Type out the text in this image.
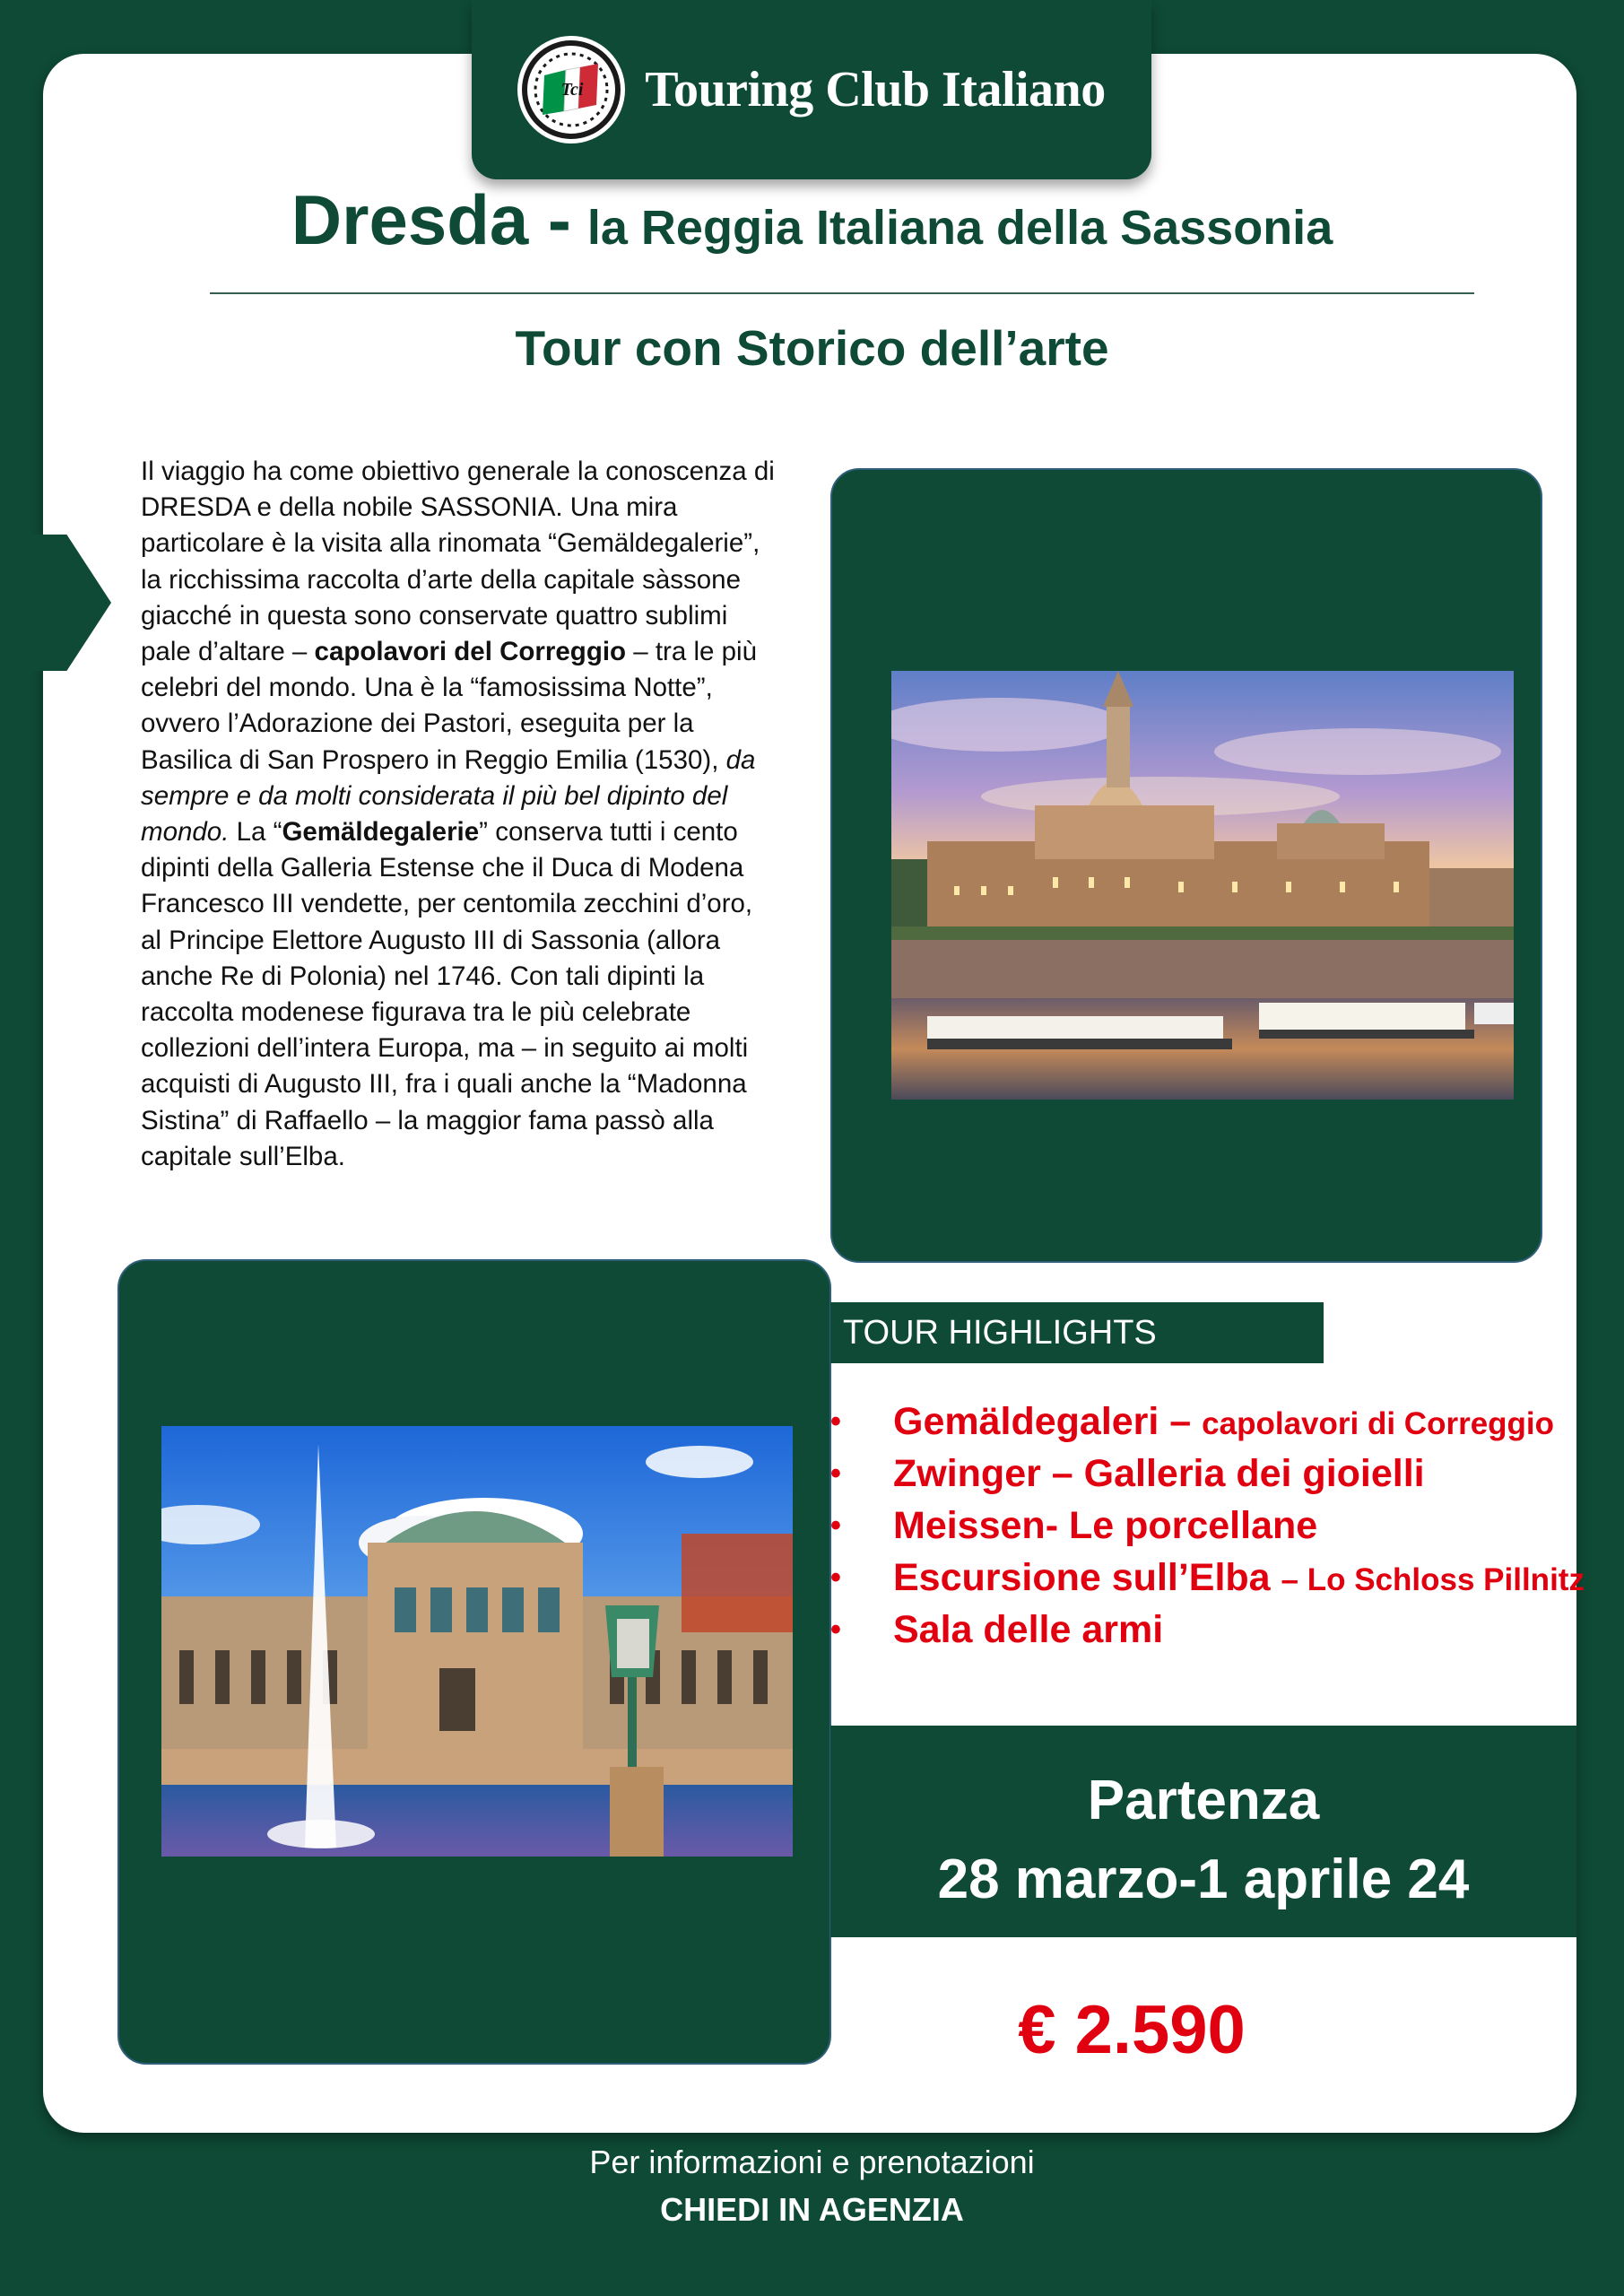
Tci Touring Club Italiano
Dresda - la Reggia Italiana della Sassonia
Tour con Storico dell’arte
Il viaggio ha come obiettivo generale la conoscenza di DRESDA e della nobile SASSONIA. Una mira particolare è la visita alla rinomata “Gemäldegalerie”, la ricchissima raccolta d’arte della capitale sàssone giacché in questa sono conservate quattro sublimi pale d’altare – capolavori del Correggio – tra le più celebri del mondo. Una è la “famosissima Notte”, ovvero l’Adorazione dei Pastori, eseguita per la Basilica di San Prospero in Reggio Emilia (1530), da sempre e da molti considerata il più bel dipinto del mondo. La “Gemäldegalerie” conserva tutti i cento dipinti della Galleria Estense che il Duca di Modena Francesco III vendette, per centomila zecchini d’oro, al Principe Elettore Augusto III di Sassonia (allora anche Re di Polonia) nel 1746. Con tali dipinti la raccolta modenese figurava tra le più celebrate collezioni dell’intera Europa, ma – in seguito ai molti acquisti di Augusto III, fra i quali anche la “Madonna Sistina” di Raffaello – la maggior fama passò alla capitale sull’Elba.
TOUR HIGHLIGHTS
• Gemäldegaleri – capolavori di Correggio
• Zwinger – Galleria dei gioielli
• Meissen- Le porcellane
• Escursione sull’Elba – Lo Schloss Pillnitz
• Sala delle armi
Partenza
28 marzo-1 aprile 24
€ 2.590
Per informazioni e prenotazioni
CHIEDI IN AGENZIA
